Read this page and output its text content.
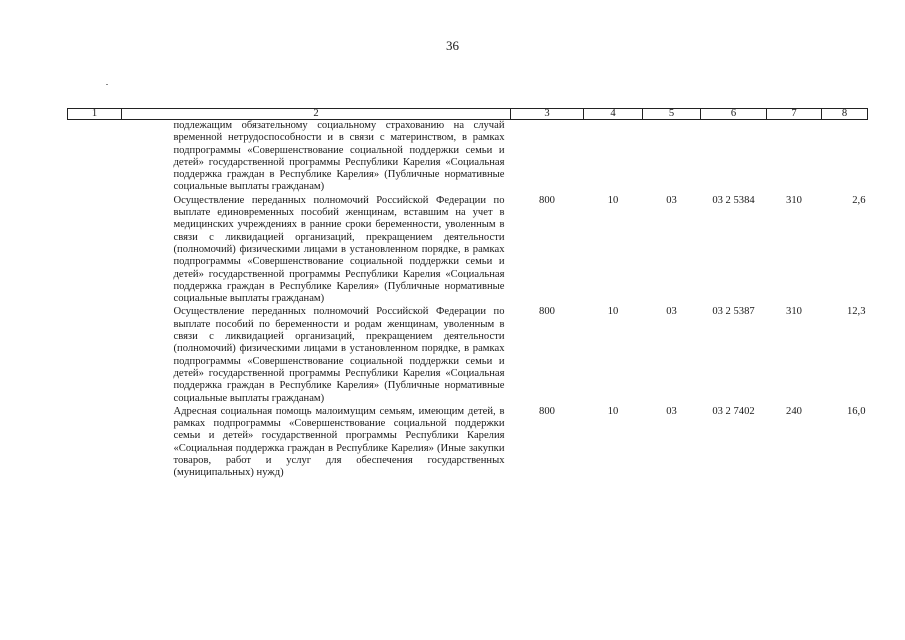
36
1	2	3	4	5	6	7	8
	подлежащим обязательному социальному страхованию на случай временной нетрудоспособности и в связи с материнством, в рамках подпрограммы «Совершенствование социальной поддержки семьи и детей» государственной программы Республики Карелия «Социальная поддержка граждан в Республике Карелия» (Публичные нормативные социальные выплаты гражданам)						
	Осуществление переданных полномочий Российской Федерации по выплате единовременных пособий женщинам, вставшим на учет в медицинских учреждениях в ранние сроки беременности, уволенным в связи с ликвидацией организаций, прекращением деятельности (полномочий) физическими лицами в установленном порядке, в рамках подпрограммы «Совершенствование социальной поддержки семьи и детей» государственной программы Республики Карелия «Социальная поддержка граждан в Республике Карелия» (Публичные нормативные социальные выплаты гражданам)	800	10	03	03 2 5384	310	2,6
	Осуществление переданных полномочий Российской Федерации по выплате пособий по беременности и родам женщинам, уволенным в связи с ликвидацией организаций, прекращением деятельности (полномочий) физическими лицами в установленном порядке, в рамках подпрограммы «Совершенствование социальной поддержки семьи и детей» государственной программы Республики Карелия «Социальная поддержка граждан в Республике Карелия» (Публичные нормативные социальные выплаты гражданам)	800	10	03	03 2 5387	310	12,3
	Адресная социальная помощь малоимущим семьям, имеющим детей, в рамках подпрограммы «Совершенствование социальной поддержки семьи и детей» государственной программы Республики Карелия «Социальная поддержка граждан в Республике Карелия» (Иные закупки товаров, работ и услуг для обеспечения государственных (муниципальных) нужд)	800	10	03	03 2 7402	240	16,0
